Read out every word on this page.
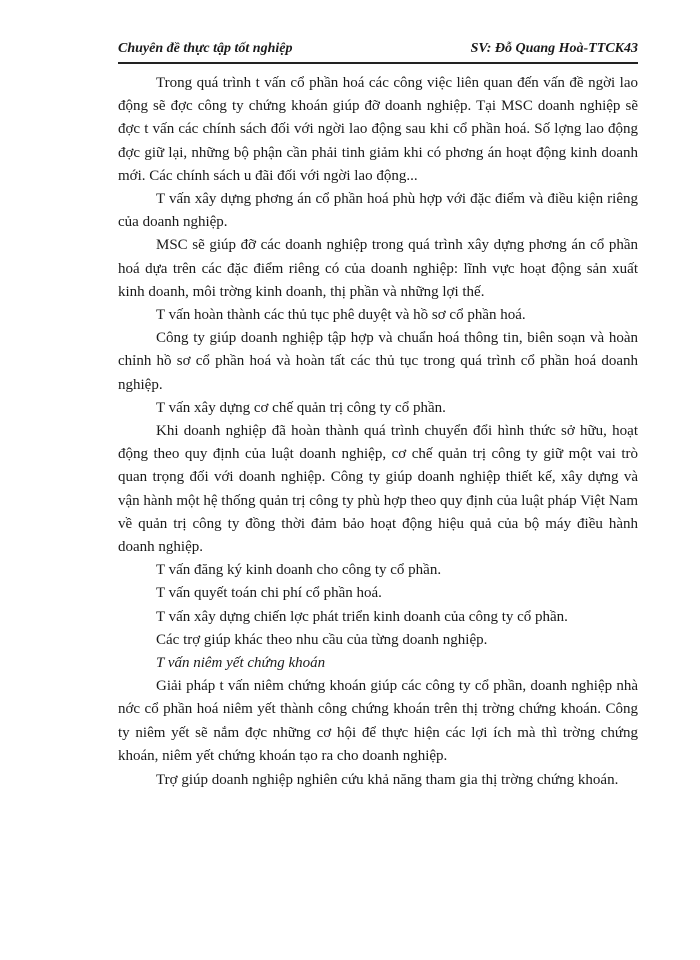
Chuyên đề thực tập tốt nghiệp	SV: Đỗ Quang Hoà-TTCK43

Trong quá trình t vấn cổ phần hoá các công việc liên quan đến vấn đề ngời lao động sẽ đợc công ty chứng khoán giúp đỡ doanh nghiệp. Tại MSC doanh nghiệp sẽ đợc t vấn các chính sách đối với ngời lao động sau khi cổ phần hoá. Số lợng lao động đợc giữ lại, những bộ phận cần phải tinh giảm khi có phơng án hoạt động kinh doanh mới. Các chính sách u đãi đối với ngời lao động...

T vấn xây dựng phơng án cổ phần hoá phù hợp với đặc điểm và điều kiện riêng của doanh nghiệp.

MSC sẽ giúp đỡ các doanh nghiệp trong quá trình xây dựng phơng án cổ phần hoá dựa trên các đặc điểm riêng có của doanh nghiệp: lĩnh vực hoạt động sản xuất kinh doanh, môi trờng kinh doanh, thị phần và những lợi thế.

T vấn hoàn thành các thủ tục phê duyệt và hồ sơ cổ phần hoá.

Công ty giúp doanh nghiệp tập hợp và chuẩn hoá thông tin, biên soạn và hoàn chỉnh hồ sơ cổ phần hoá và hoàn tất các thủ tục trong quá trình cổ phần hoá doanh nghiệp.

T vấn xây dựng cơ chế quản trị công ty cổ phần.

Khi doanh nghiệp đã hoàn thành quá trình chuyển đổi hình thức sở hữu, hoạt động theo quy định của luật doanh nghiệp, cơ chế quản trị công ty giữ một vai trò quan trọng đối với doanh nghiệp. Công ty giúp doanh nghiệp thiết kế, xây dựng và vận hành một hệ thống quản trị công ty phù hợp theo quy định của luật pháp Việt Nam về quản trị công ty đồng thời đảm bảo hoạt động hiệu quả của bộ máy điều hành doanh nghiệp.

T vấn đăng ký kinh doanh cho công ty cổ phần.

T vấn quyết toán chi phí cổ phần hoá.

T vấn xây dựng chiến lợc phát triển kinh doanh của công ty cổ phần.

Các trợ giúp khác theo nhu cầu của từng doanh nghiệp.

T vấn niêm yết chứng khoán

Giải pháp t vấn niêm chứng khoán giúp các công ty cổ phần, doanh nghiệp nhà nớc cổ phần hoá niêm yết thành công chứng khoán trên thị trờng chứng khoán. Công ty niêm yết sẽ nắm đợc những cơ hội để thực hiện các lợi ích mà thì trờng chứng khoán, niêm yết chứng khoán tạo ra cho doanh nghiệp.

Trợ giúp doanh nghiệp nghiên cứu khả năng tham gia thị trờng chứng khoán.
